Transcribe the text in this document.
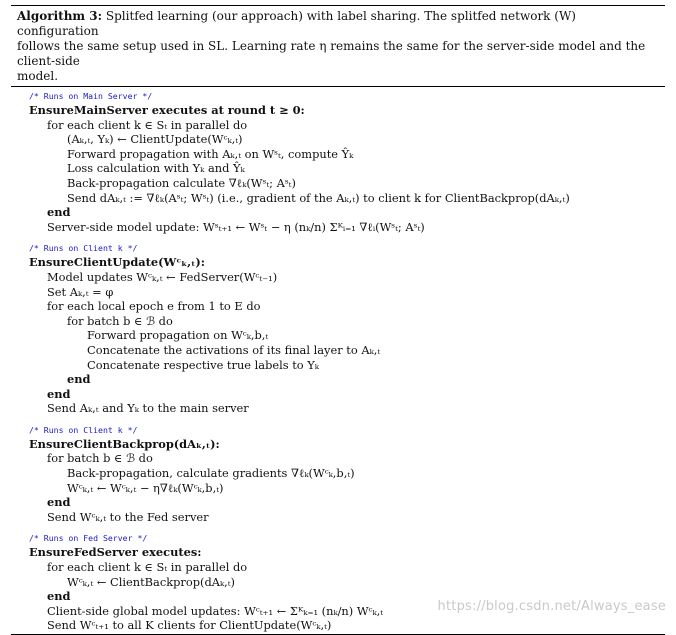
Algorithm 3: Splitfed learning (our approach) with label sharing. The splitfed network (W) configuration
follows the same setup used in SL. Learning rate η remains the same for the server-side model and the client-side
model.
/* Runs on Main Server */
EnsureMainServer executes at round t ≥ 0:
for each client k ∈ Sₜ in parallel do
(Aₖ,ₜ, Yₖ) ← ClientUpdate(Wᶜₖ,ₜ)
Forward propagation with Aₖ,ₜ on Wˢₜ, compute Ŷₖ
Loss calculation with Yₖ and Ŷₖ
Back-propagation calculate ∇ℓₖ(Wˢₜ; Aˢₜ)
Send dAₖ,ₜ := ∇ℓₖ(Aˢₜ; Wˢₜ) (i.e., gradient of the Aₖ,ₜ) to client k for ClientBackprop(dAₖ,ₜ)
end
Server-side model update: Wˢₜ₊₁ ← Wˢₜ − η (nₖ/n) Σᴷᵢ₌₁ ∇ℓᵢ(Wˢₜ; Aˢₜ)
/* Runs on Client k */
EnsureClientUpdate(Wᶜₖ,ₜ):
Model updates Wᶜₖ,ₜ ← FedServer(Wᶜₜ₋₁)
Set Aₖ,ₜ = φ
for each local epoch e from 1 to E do
for batch b ∈ ℬ do
Forward propagation on Wᶜₖ,b,ₜ
Concatenate the activations of its final layer to Aₖ,ₜ
Concatenate respective true labels to Yₖ
end
end
Send Aₖ,ₜ and Yₖ to the main server
/* Runs on Client k */
EnsureClientBackprop(dAₖ,ₜ):
for batch b ∈ ℬ do
Back-propagation, calculate gradients ∇ℓₖ(Wᶜₖ,b,ₜ)
Wᶜₖ,ₜ ← Wᶜₖ,ₜ − η∇ℓₖ(Wᶜₖ,b,ₜ)
end
Send Wᶜₖ,ₜ to the Fed server
/* Runs on Fed Server */
EnsureFedServer executes:
for each client k ∈ Sₜ in parallel do
Wᶜₖ,ₜ ← ClientBackprop(dAₖ,ₜ)
end
Client-side global model updates: Wᶜₜ₊₁ ← Σᴷₖ₌₁ (nₖ/n) Wᶜₖ,ₜ
Send Wᶜₜ₊₁ to all K clients for ClientUpdate(Wᶜₖ,ₜ)
https://blog.csdn.net/Always_ease
